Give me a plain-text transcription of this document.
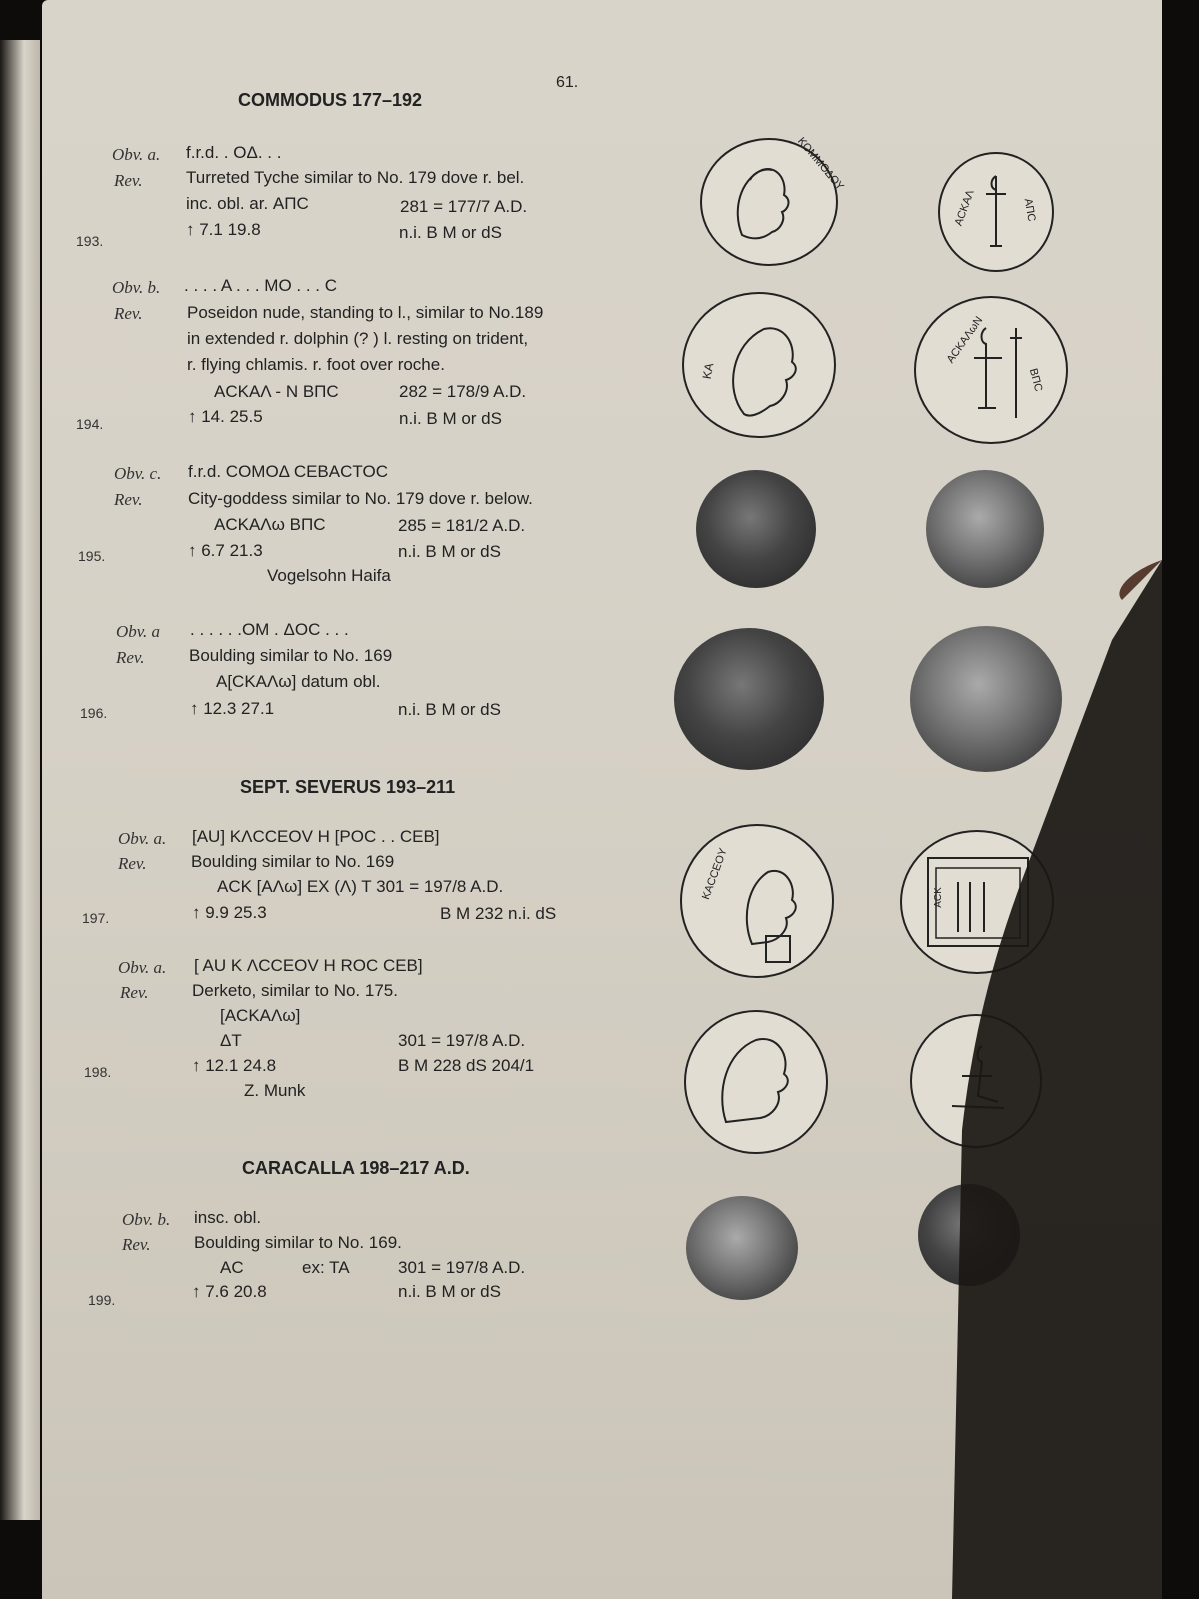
61.
COMMODUS 177–192
SEPT. SEVERUS 193–211
CARACALLA 198–217 A.D.
Obv. a. f.r.d. . OΔ. . .
Rev.	Turreted Tyche similar to No. 179 dove r. bel.
inc. obl. ar. ΑΠC	281 = 177/7 A.D.
193.
↑ 7.1 19.8	n.i. B M or dS
Obv. b. . . . . A . . . MO . . . C
Rev.	Poseidon nude, standing to l., similar to No.189
in extended r. dolphin (? ) l. resting on trident,
r. flying chlamis. r. foot over roche.
ACKAΛ - N BΠC	282 = 178/9 A.D.
194.	↑ 14. 25.5	n.i. B M or dS
Obv. c. f.r.d. COMOΔ CEBACTOC
Rev.	City-goddess similar to No. 179 dove r. below.
ACKAΛω BΠC	285 = 181/2 A.D.
195.	↑ 6.7 21.3	n.i. B M or dS
Vogelsohn Haifa
Obv. a . . . . . .OM . ΔOC . . .
Rev.	Boulding similar to No. 169
A[CKAΛω] datum obl.
196.	↑ 12.3 27.1	n.i. B M or dS
Obv. a. [AU] KΛCCEOV H [POC . . CEB]
Rev.	Boulding similar to No. 169
ACK [AΛω] EX (Λ) T 301 = 197/8 A.D.
197.	↑ 9.9 25.3	B M 232 n.i. dS
Obv. a. [ AU K ΛCCEOV H ROC CEB]
Rev.	Derketo, similar to No. 175.
[ACKAΛω]
ΔT	301 = 197/8 A.D.
198.	↑ 12.1 24.8	B M 228 dS 204/1
Z. Munk
Obv. b. insc. obl.
Rev.	Boulding similar to No. 169.
AC	ex: TA	301 = 197/8 A.D.
199.	↑ 7.6 20.8	n.i. B M or dS
ΚΟΜΜΟΔΟΥ
ΑCKΑΛ	ΑΠC
KA
ACKAΛωN
BΠC
KACCEOY	ACK
